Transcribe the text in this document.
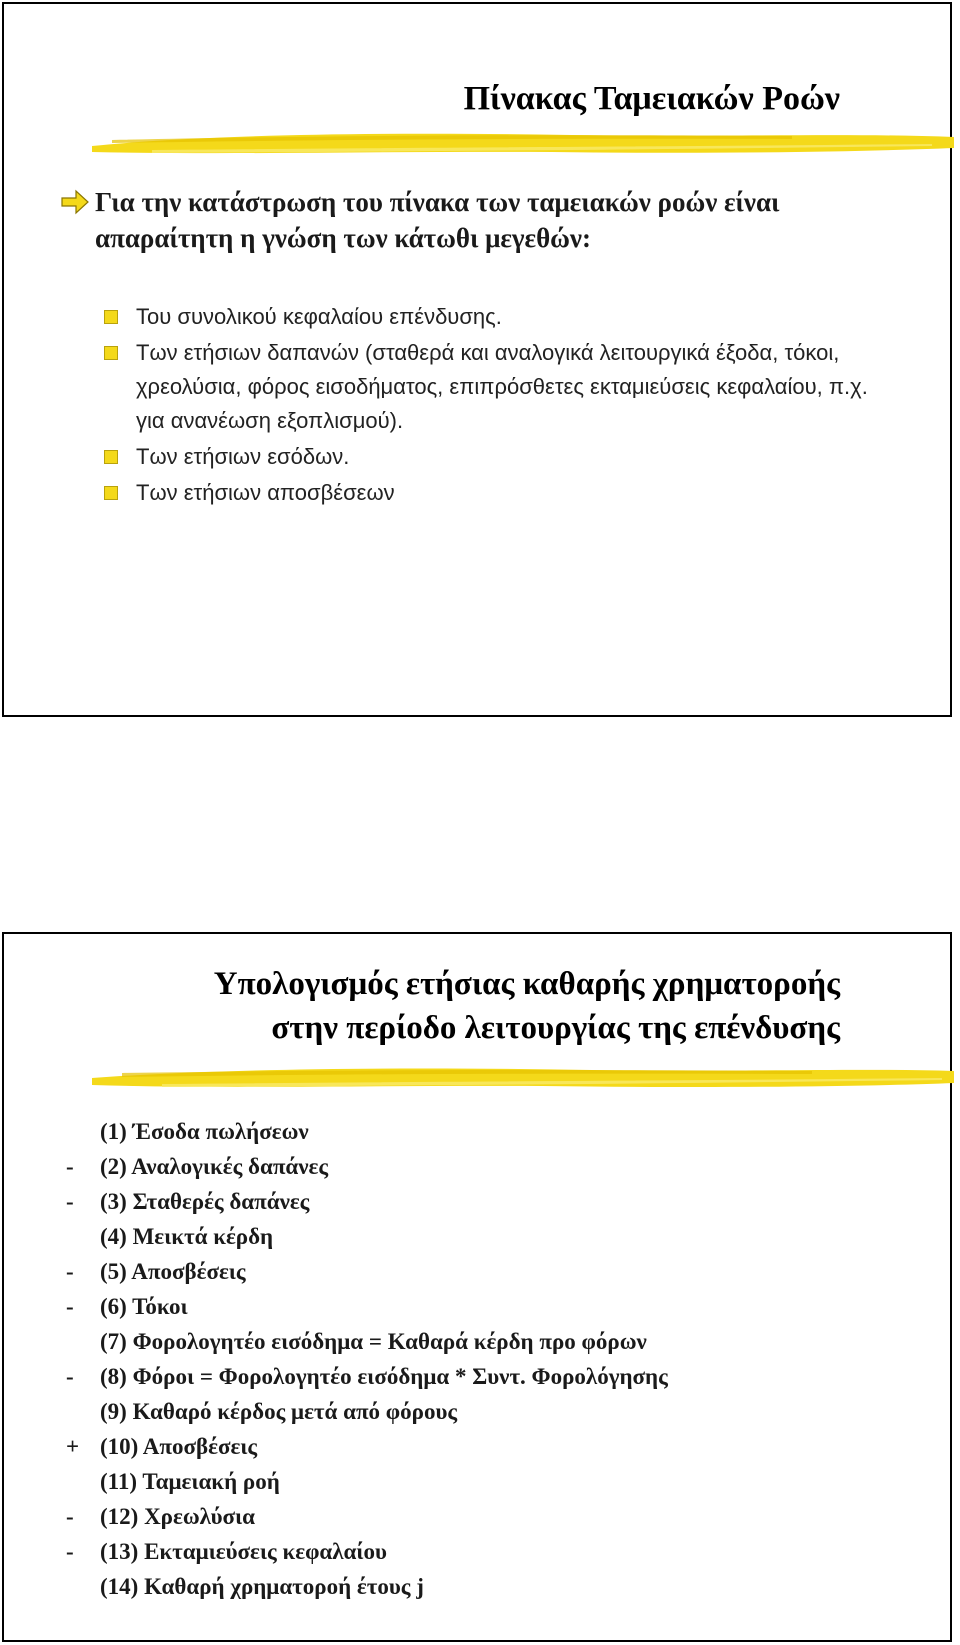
Πίνακας Ταμειακών Ροών
Για την κατάστρωση του πίνακα των ταμειακών ροών είναι απαραίτητη η γνώση των κάτωθι μεγεθών:
Του συνολικού κεφαλαίου επένδυσης.
Των ετήσιων δαπανών (σταθερά και αναλογικά λειτουργικά έξοδα, τόκοι, χρεολύσια, φόρος εισοδήματος, επιπρόσθετες εκταμιεύσεις κεφαλαίου, π.χ. για ανανέωση εξοπλισμού).
Των ετήσιων εσόδων.
Των ετήσιων αποσβέσεων
Υπολογισμός ετήσιας καθαρής χρηματοροής
στην περίοδο λειτουργίας της επένδυσης
(1) Έσοδα πωλήσεων
- (2) Αναλογικές δαπάνες
- (3) Σταθερές δαπάνες
(4) Μεικτά κέρδη
- (5) Αποσβέσεις
- (6) Τόκοι
(7) Φορολογητέο εισόδημα = Καθαρά κέρδη προ φόρων
- (8) Φόροι = Φορολογητέο εισόδημα * Συντ. Φορολόγησης
(9) Καθαρό κέρδος μετά από φόρους
+ (10) Αποσβέσεις
(11) Ταμειακή ροή
- (12) Χρεωλύσια
- (13) Εκταμιεύσεις κεφαλαίου
(14) Καθαρή χρηματοροή έτους j
